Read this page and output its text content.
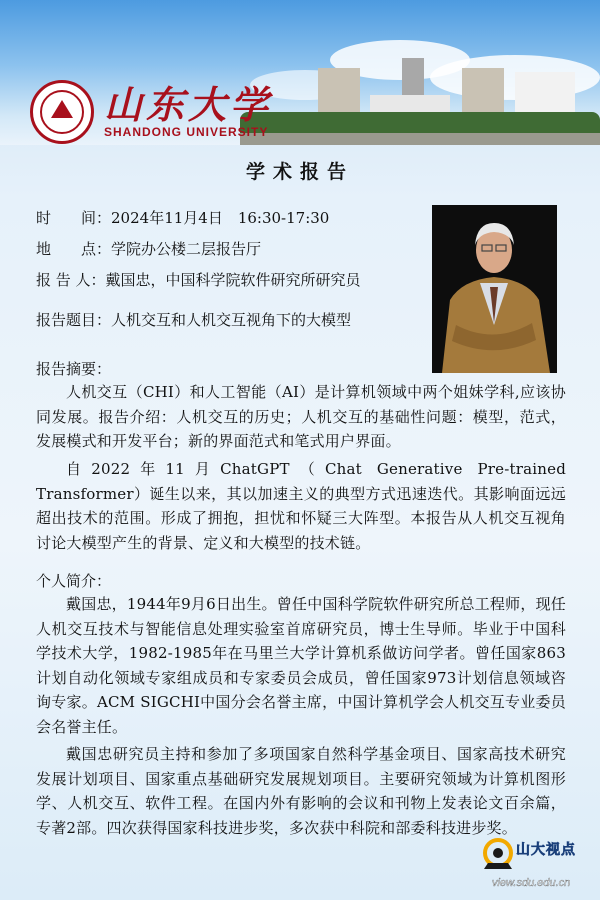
山东大学
SHANDONG UNIVERSITY
学术报告
时　　间：2024年11月4日　16:30-17:30
地　　点：学院办公楼二层报告厅
报 告 人：戴国忠，中国科学院软件研究所研究员
报告题目：人机交互和人机交互视角下的大模型
报告摘要：
人机交互（CHI）和人工智能（AI）是计算机领域中两个姐妹学科,应该协同发展。报告介绍：人机交互的历史；人机交互的基础性问题：模型，范式，发展模式和开发平台；新的界面范式和笔式用户界面。
自2022年11月ChatGPT（Chat Generative Pre-trained Transformer）诞生以来，其以加速主义的典型方式迅速迭代。其影响面远远超出技术的范围。形成了拥抱，担忧和怀疑三大阵型。本报告从人机交互视角讨论大模型产生的背景、定义和大模型的技术链。
个人简介：
戴国忠，1944年9月6日出生。曾任中国科学院软件研究所总工程师，现任人机交互技术与智能信息处理实验室首席研究员，博士生导师。毕业于中国科学技术大学，1982-1985年在马里兰大学计算机系做访问学者。曾任国家863计划自动化领域专家组成员和专家委员会成员，曾任国家973计划信息领域咨询专家。ACM SIGCHI中国分会名誉主席，中国计算机学会人机交互专业委员会名誉主任。
戴国忠研究员主持和参加了多项国家自然科学基金项目、国家高技术研究发展计划项目、国家重点基础研究发展规划项目。主要研究领域为计算机图形学、人机交互、软件工程。在国内外有影响的会议和刊物上发表论文百余篇，专著2部。四次获得国家科技进步奖，多次获中科院和部委科技进步奖。
山大视点
view.sdu.edu.cn
